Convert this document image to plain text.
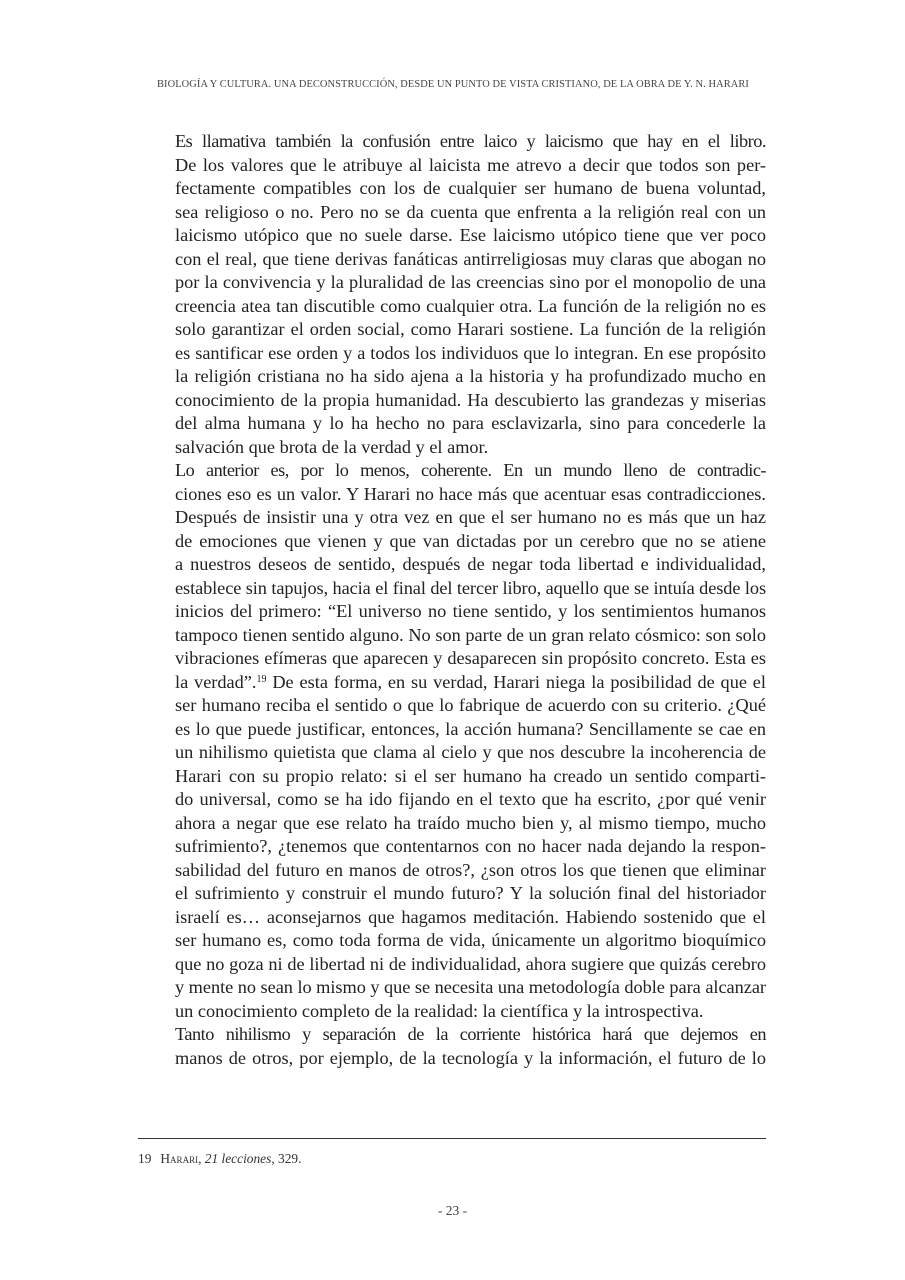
BIOLOGÍA Y CULTURA. UNA DECONSTRUCCIÓN, DESDE UN PUNTO DE VISTA CRISTIANO, DE LA OBRA DE Y. N. HARARI

Es llamativa también la confusión entre laico y laicismo que hay en el libro.
De los valores que le atribuye al laicista me atrevo a decir que todos son per-
fectamente compatibles con los de cualquier ser humano de buena voluntad,
sea religioso o no. Pero no se da cuenta que enfrenta a la religión real con un
laicismo utópico que no suele darse. Ese laicismo utópico tiene que ver poco
con el real, que tiene derivas fanáticas antirreligiosas muy claras que abogan no
por la convivencia y la pluralidad de las creencias sino por el monopolio de una
creencia atea tan discutible como cualquier otra. La función de la religión no es
solo garantizar el orden social, como Harari sostiene. La función de la religión
es santificar ese orden y a todos los individuos que lo integran. En ese propósito
la religión cristiana no ha sido ajena a la historia y ha profundizado mucho en
conocimiento de la propia humanidad. Ha descubierto las grandezas y miserias
del alma humana y lo ha hecho no para esclavizarla, sino para concederle la
salvación que brota de la verdad y el amor.

Lo anterior es, por lo menos, coherente. En un mundo lleno de contradic-
ciones eso es un valor. Y Harari no hace más que acentuar esas contradicciones.
Después de insistir una y otra vez en que el ser humano no es más que un haz
de emociones que vienen y que van dictadas por un cerebro que no se atiene
a nuestros deseos de sentido, después de negar toda libertad e individualidad,
establece sin tapujos, hacia el final del tercer libro, aquello que se intuía desde los
inicios del primero: “El universo no tiene sentido, y los sentimientos humanos
tampoco tienen sentido alguno. No son parte de un gran relato cósmico: son solo
vibraciones efímeras que aparecen y desaparecen sin propósito concreto. Esta es
la verdad”.$^{19}$ De esta forma, en su verdad, Harari niega la posibilidad de que el
ser humano reciba el sentido o que lo fabrique de acuerdo con su criterio. ¿Qué
es lo que puede justificar, entonces, la acción humana? Sencillamente se cae en
un nihilismo quietista que clama al cielo y que nos descubre la incoherencia de
Harari con su propio relato: si el ser humano ha creado un sentido comparti-
do universal, como se ha ido fijando en el texto que ha escrito, ¿por qué venir
ahora a negar que ese relato ha traído mucho bien y, al mismo tiempo, mucho
sufrimiento?, ¿tenemos que contentarnos con no hacer nada dejando la respon-
sabilidad del futuro en manos de otros?, ¿son otros los que tienen que eliminar
el sufrimiento y construir el mundo futuro? Y la solución final del historiador
israelí es… aconsejarnos que hagamos meditación. Habiendo sostenido que el
ser humano es, como toda forma de vida, únicamente un algoritmo bioquímico
que no goza ni de libertad ni de individualidad, ahora sugiere que quizás cerebro
y mente no sean lo mismo y que se necesita una metodología doble para alcanzar
un conocimiento completo de la realidad: la científica y la introspectiva.

Tanto nihilismo y separación de la corriente histórica hará que dejemos en
manos de otros, por ejemplo, de la tecnología y la información, el futuro de lo

19 Harari, 21 lecciones, 329.
- 23 -
